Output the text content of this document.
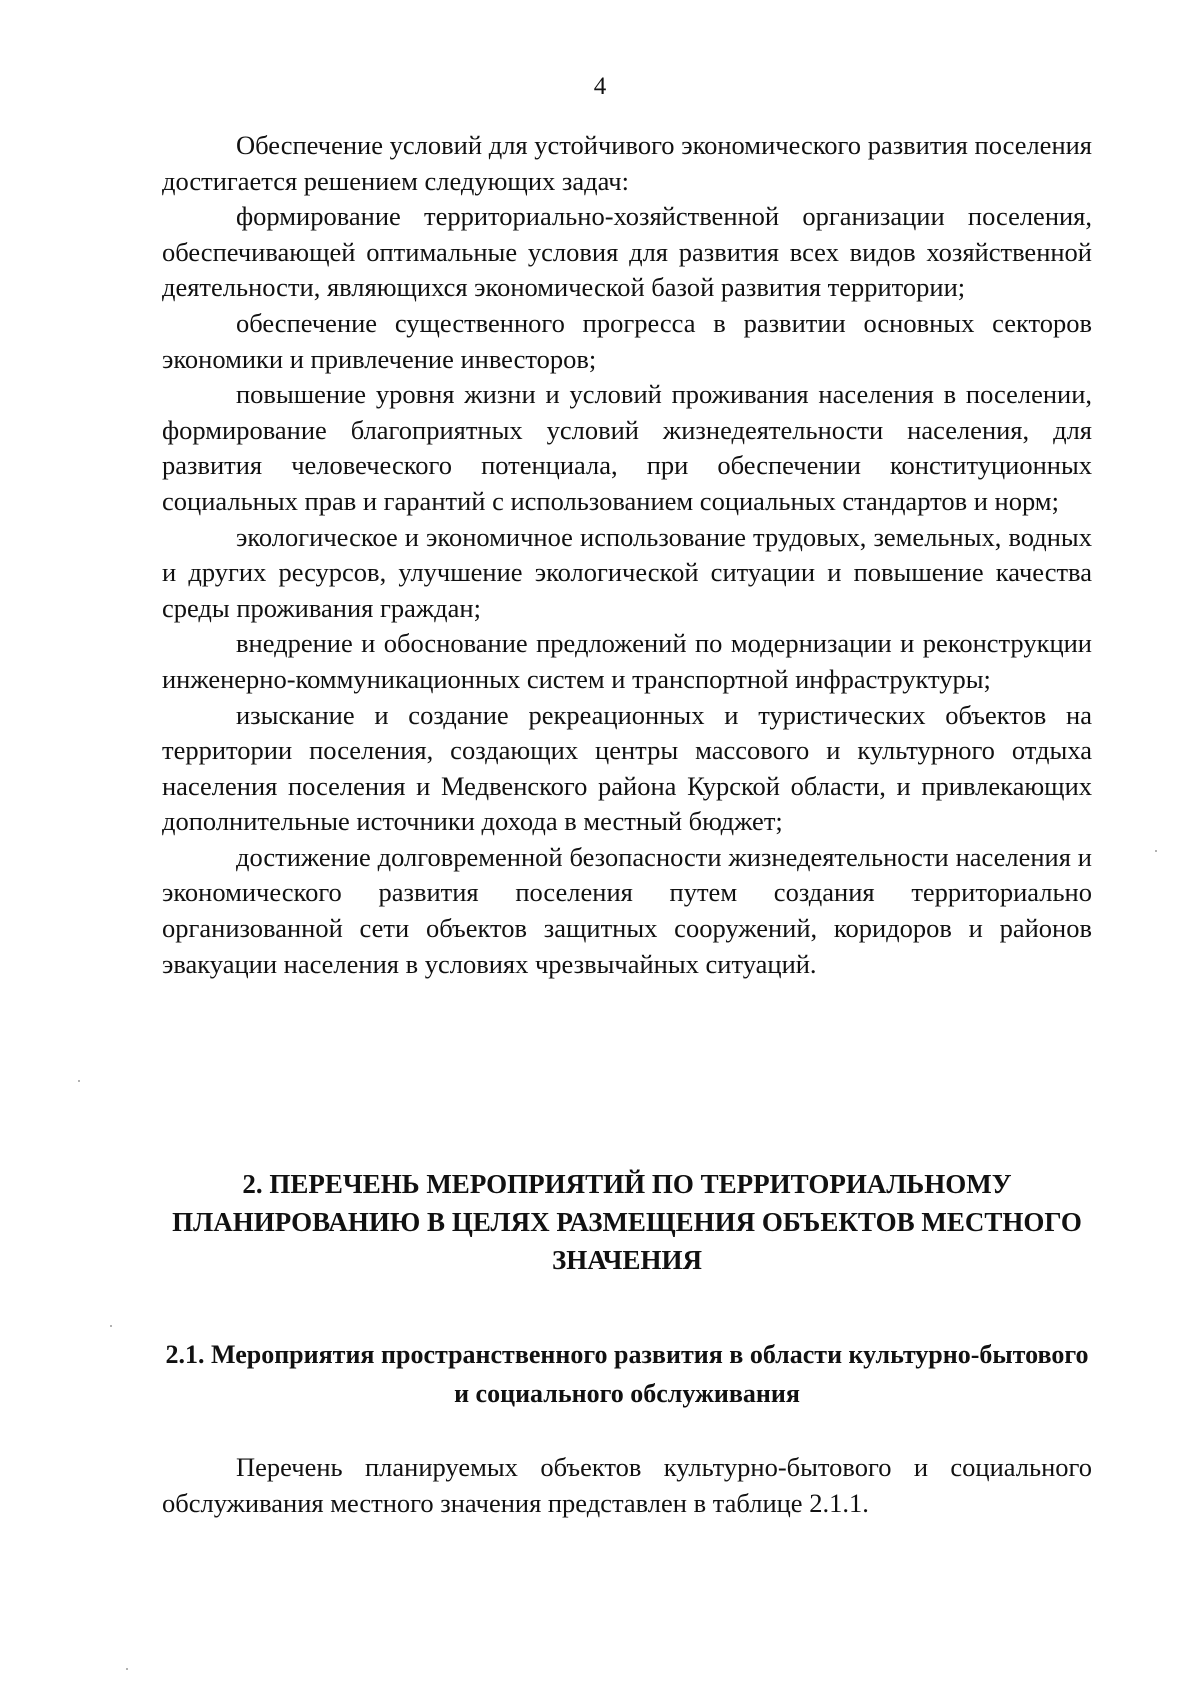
4

Обеспечение условий для устойчивого экономического развития поселения достигается решением следующих задач:

формирование территориально-хозяйственной организации поселения, обеспечивающей оптимальные условия для развития всех видов хозяйственной деятельности, являющихся экономической базой развития территории;

обеспечение существенного прогресса в развитии основных секторов экономики и привлечение инвесторов;

повышение уровня жизни и условий проживания населения в поселении, формирование благоприятных условий жизнедеятельности населения, для развития человеческого потенциала, при обеспечении конституционных социальных прав и гарантий с использованием социальных стандартов и норм;

экологическое и экономичное использование трудовых, земельных, водных и других ресурсов, улучшение экологической ситуации и повышение качества среды проживания граждан;

внедрение и обоснование предложений по модернизации и реконструкции инженерно-коммуникационных систем и транспортной инфраструктуры;

изыскание и создание рекреационных и туристических объектов на территории поселения, создающих центры массового и культурного отдыха населения поселения и Медвенского района Курской области, и привлекающих дополнительные источники дохода в местный бюджет;

достижение долговременной безопасности жизнедеятельности населения и экономического развития поселения путем создания территориально организованной сети объектов защитных сооружений, коридоров и районов эвакуации населения в условиях чрезвычайных ситуаций.

2. ПЕРЕЧЕНЬ МЕРОПРИЯТИЙ ПО ТЕРРИТОРИАЛЬНОМУ ПЛАНИРОВАНИЮ В ЦЕЛЯХ РАЗМЕЩЕНИЯ ОБЪЕКТОВ МЕСТНОГО ЗНАЧЕНИЯ
2.1. Мероприятия пространственного развития в области культурно-бытового и социального обслуживания

Перечень планируемых объектов культурно-бытового и социального обслуживания местного значения представлен в таблице 2.1.1.
